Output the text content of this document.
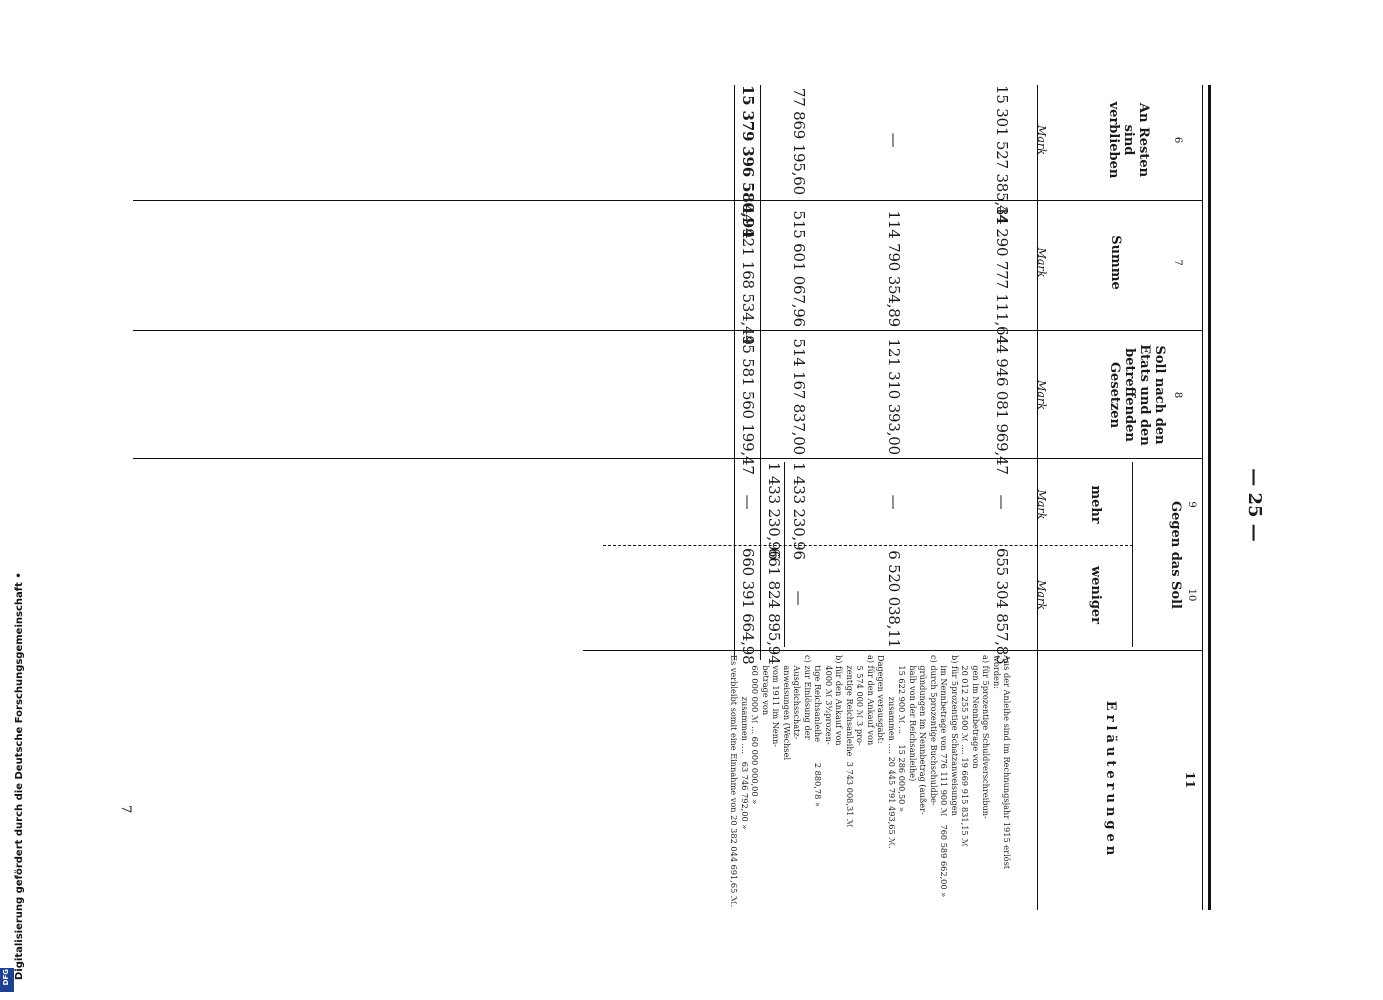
— 25 —
Gegen das Soll
An Resten sind verblieben
Summe
Soll nach den Etats und den betreffenden Gesetzen
mehr
weniger
Erläuterungen
6
7
8
9
10
11
Mark
Mark
Mark
Mark
Mark
15 301 527 385,34
44 290 777 111,64
44 946 081 969,47
—
655 304 857,83
—
114 790 354,89
121 310 393,00
—
6 520 038,11
77 869 195,60
515 601 067,96
514 167 837,00
1 433 230,96
—
1 433 230,96
661 824 895,94
15 379 396 580,94
44 921 168 534,49
45 581 560 199,47
—
660 391 664,98

Aus der Anleihe sind im Rechnungsjahr 1915 erlöst
worden:
a) für 5prozentige Schuldverschreibun-
gen im Nennbetrage von
20 012 255 500 ℳ .... 19 669 915 831,15 ℳ
b) für 5prozentige Schatzanweisungen
im Nennbetrage von 776 111 900 ℳ   760 589 662,00 »
c) durch 5prozentige Buchschuldbe-
gründungen im Nennbetrag (außer-
halb von der Reichsanleihe)
15 622 900 ℳ ...    15 286 000,50 »
zusammen .... 20 445 791 493,65 ℳ.
Dagegen verausgabt:
a) für den Ankauf von
5 574 000 ℳ 3 pro-
zentige Reichsanleihe  3 743 008,31 ℳ
b) für den Ankauf von
4000 ℳ 3½prozen-
tige Reichsanleihe        2 880,78 »
c) zur Einlösung der
Ausgleichsschatz-
anweisungen (Wechsel
vom 1911 im Nenn-
betrage von
60 000 000 ℳ ... 60 000 000,00 »
zusammen ....   63 746 792,00 »
Es verbleibt somit eine Einnahme von 20 382 044 691,65 ℳ.
7
Digitalisierung gefördert durch die Deutsche Forschungsgemeinschaft •
DFG
